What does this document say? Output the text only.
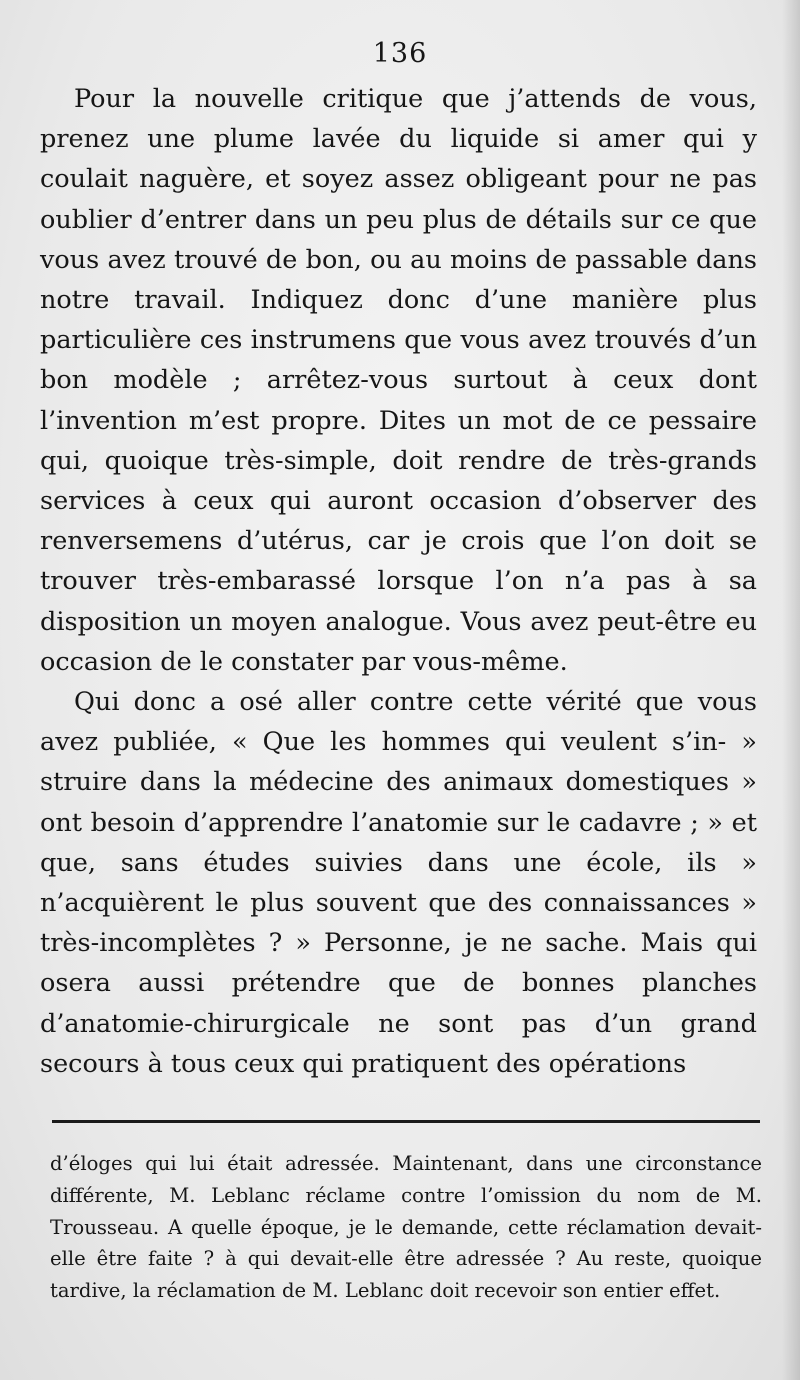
136

Pour la nouvelle critique que j’attends de vous, prenez une plume lavée du liquide si amer qui y coulait naguère, et soyez assez obligeant pour ne pas oublier d’entrer dans un peu plus de détails sur ce que vous avez trouvé de bon, ou au moins de passable dans notre travail. Indiquez donc d’une manière plus particulière ces instrumens que vous avez trouvés d’un bon modèle ; arrêtez-vous surtout à ceux dont l’invention m’est propre. Dites un mot de ce pessaire qui, quoique très-simple, doit rendre de très-grands services à ceux qui auront occasion d’observer des renversemens d’utérus, car je crois que l’on doit se trouver très-embarassé lorsque l’on n’a pas à sa disposition un moyen analogue. Vous avez peut-être eu occasion de le constater par vous-même.

Qui donc a osé aller contre cette vérité que vous avez publiée, « Que les hommes qui veulent s’in- » struire dans la médecine des animaux domestiques » ont besoin d’apprendre l’anatomie sur le cadavre ; » et que, sans études suivies dans une école, ils » n’acquièrent le plus souvent que des connaissances » très-incomplètes ? » Personne, je ne sache. Mais qui osera aussi prétendre que de bonnes planches d’anatomie-chirurgicale ne sont pas d’un grand secours à tous ceux qui pratiquent des opérations

d’éloges qui lui était adressée. Maintenant, dans une circonstance différente, M. Leblanc réclame contre l’omission du nom de M. Trousseau. A quelle époque, je le demande, cette réclamation devait-elle être faite ? à qui devait-elle être adressée ? Au reste, quoique tardive, la réclamation de M. Leblanc doit recevoir son entier effet.
